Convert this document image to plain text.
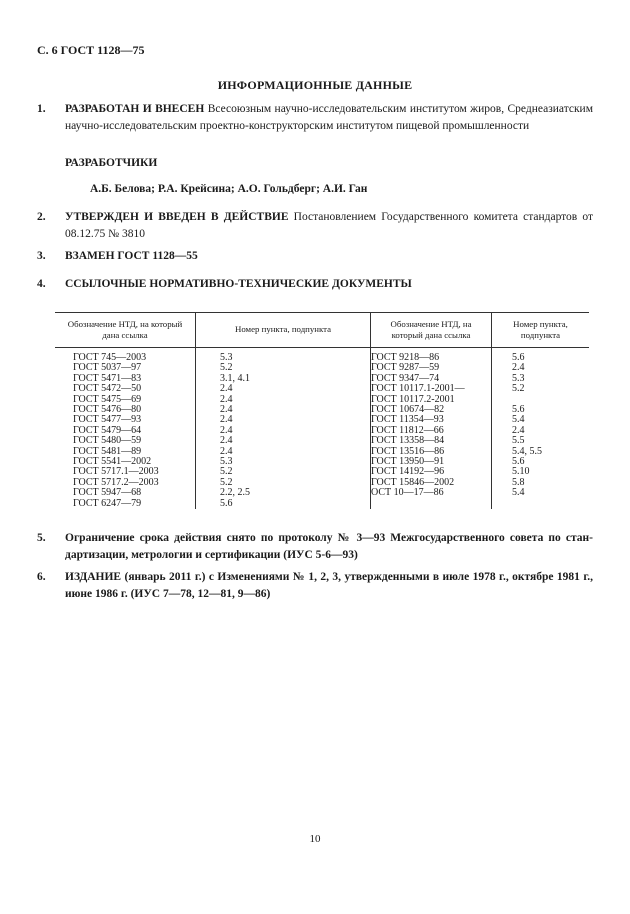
С. 6 ГОСТ 1128—75
ИНФОРМАЦИОННЫЕ ДАННЫЕ
1. РАЗРАБОТАН И ВНЕСЕН Всесоюзным научно-исследовательским институтом жиров, Среднеазиатским научно-исследовательским проектно-конструкторским институтом пищевой промышленности
РАЗРАБОТЧИКИ
А.Б. Белова; Р.А. Крейсина; А.О. Гольдберг; А.И. Ган
2. УТВЕРЖДЕН И ВВЕДЕН В ДЕЙСТВИЕ Постановлением Государственного комитета стандартов от 08.12.75 № 3810
3. ВЗАМЕН ГОСТ 1128—55
4. ССЫЛОЧНЫЕ НОРМАТИВНО-ТЕХНИЧЕСКИЕ ДОКУМЕНТЫ
Обозначение НТД, на который дана ссылка	Номер пункта, подпункта	Обозначение НТД, на который дана ссылка	Номер пункта, подпункта

ГОСТ 745—2003	5.3	ГОСТ 9218—86	5.6
ГОСТ 5037—97	5.2	ГОСТ 9287—59	2.4
ГОСТ 5471—83	3.1, 4.1	ГОСТ 9347—74	5.3
ГОСТ 5472—50	2.4	ГОСТ 10117.1-2001—	5.2
ГОСТ 5475—69	2.4	ГОСТ 10117.2-2001	
ГОСТ 5476—80	2.4	ГОСТ 10674—82	5.6
ГОСТ 5477—93	2.4	ГОСТ 11354—93	5.4
ГОСТ 5479—64	2.4	ГОСТ 11812—66	2.4
ГОСТ 5480—59	2.4	ГОСТ 13358—84	5.5
ГОСТ 5481—89	2.4	ГОСТ 13516—86	5.4, 5.5
ГОСТ 5541—2002	5.3	ГОСТ 13950—91	5.6
ГОСТ 5717.1—2003	5.2	ГОСТ 14192—96	5.10
ГОСТ 5717.2—2003	5.2	ГОСТ 15846—2002	5.8
ГОСТ 5947—68	2.2, 2.5	ОСТ 10—17—86	5.4
ГОСТ 6247—79	5.6		
5. Ограничение срока действия снято по протоколу № 3—93 Межгосударственного совета по стандартизации, метрологии и сертификации (ИУС 5-6—93)
6. ИЗДАНИЕ (январь 2011 г.) с Изменениями № 1, 2, 3, утвержденными в июле 1978 г., октябре 1981 г., июне 1986 г. (ИУС 7—78, 12—81, 9—86)
10
